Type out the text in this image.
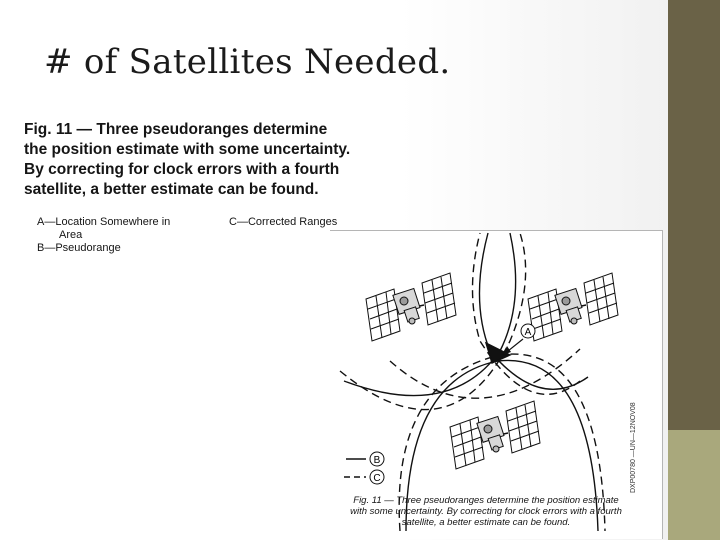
# of Satellites Needed.
Fig. 11 — Three pseudoranges determine
the position estimate with some uncertainty.
By correcting for clock errors with a fourth
satellite, a better estimate can be found.
A—Location Somewhere in
Area
B—Pseudorange
C—Corrected Ranges
A
B
C	DXP00780 —UN—12NOV08
Fig. 11 — Three pseudoranges determine the position estimate
with some uncertainty. By correcting for clock errors with a fourth
satellite, a better estimate can be found.
